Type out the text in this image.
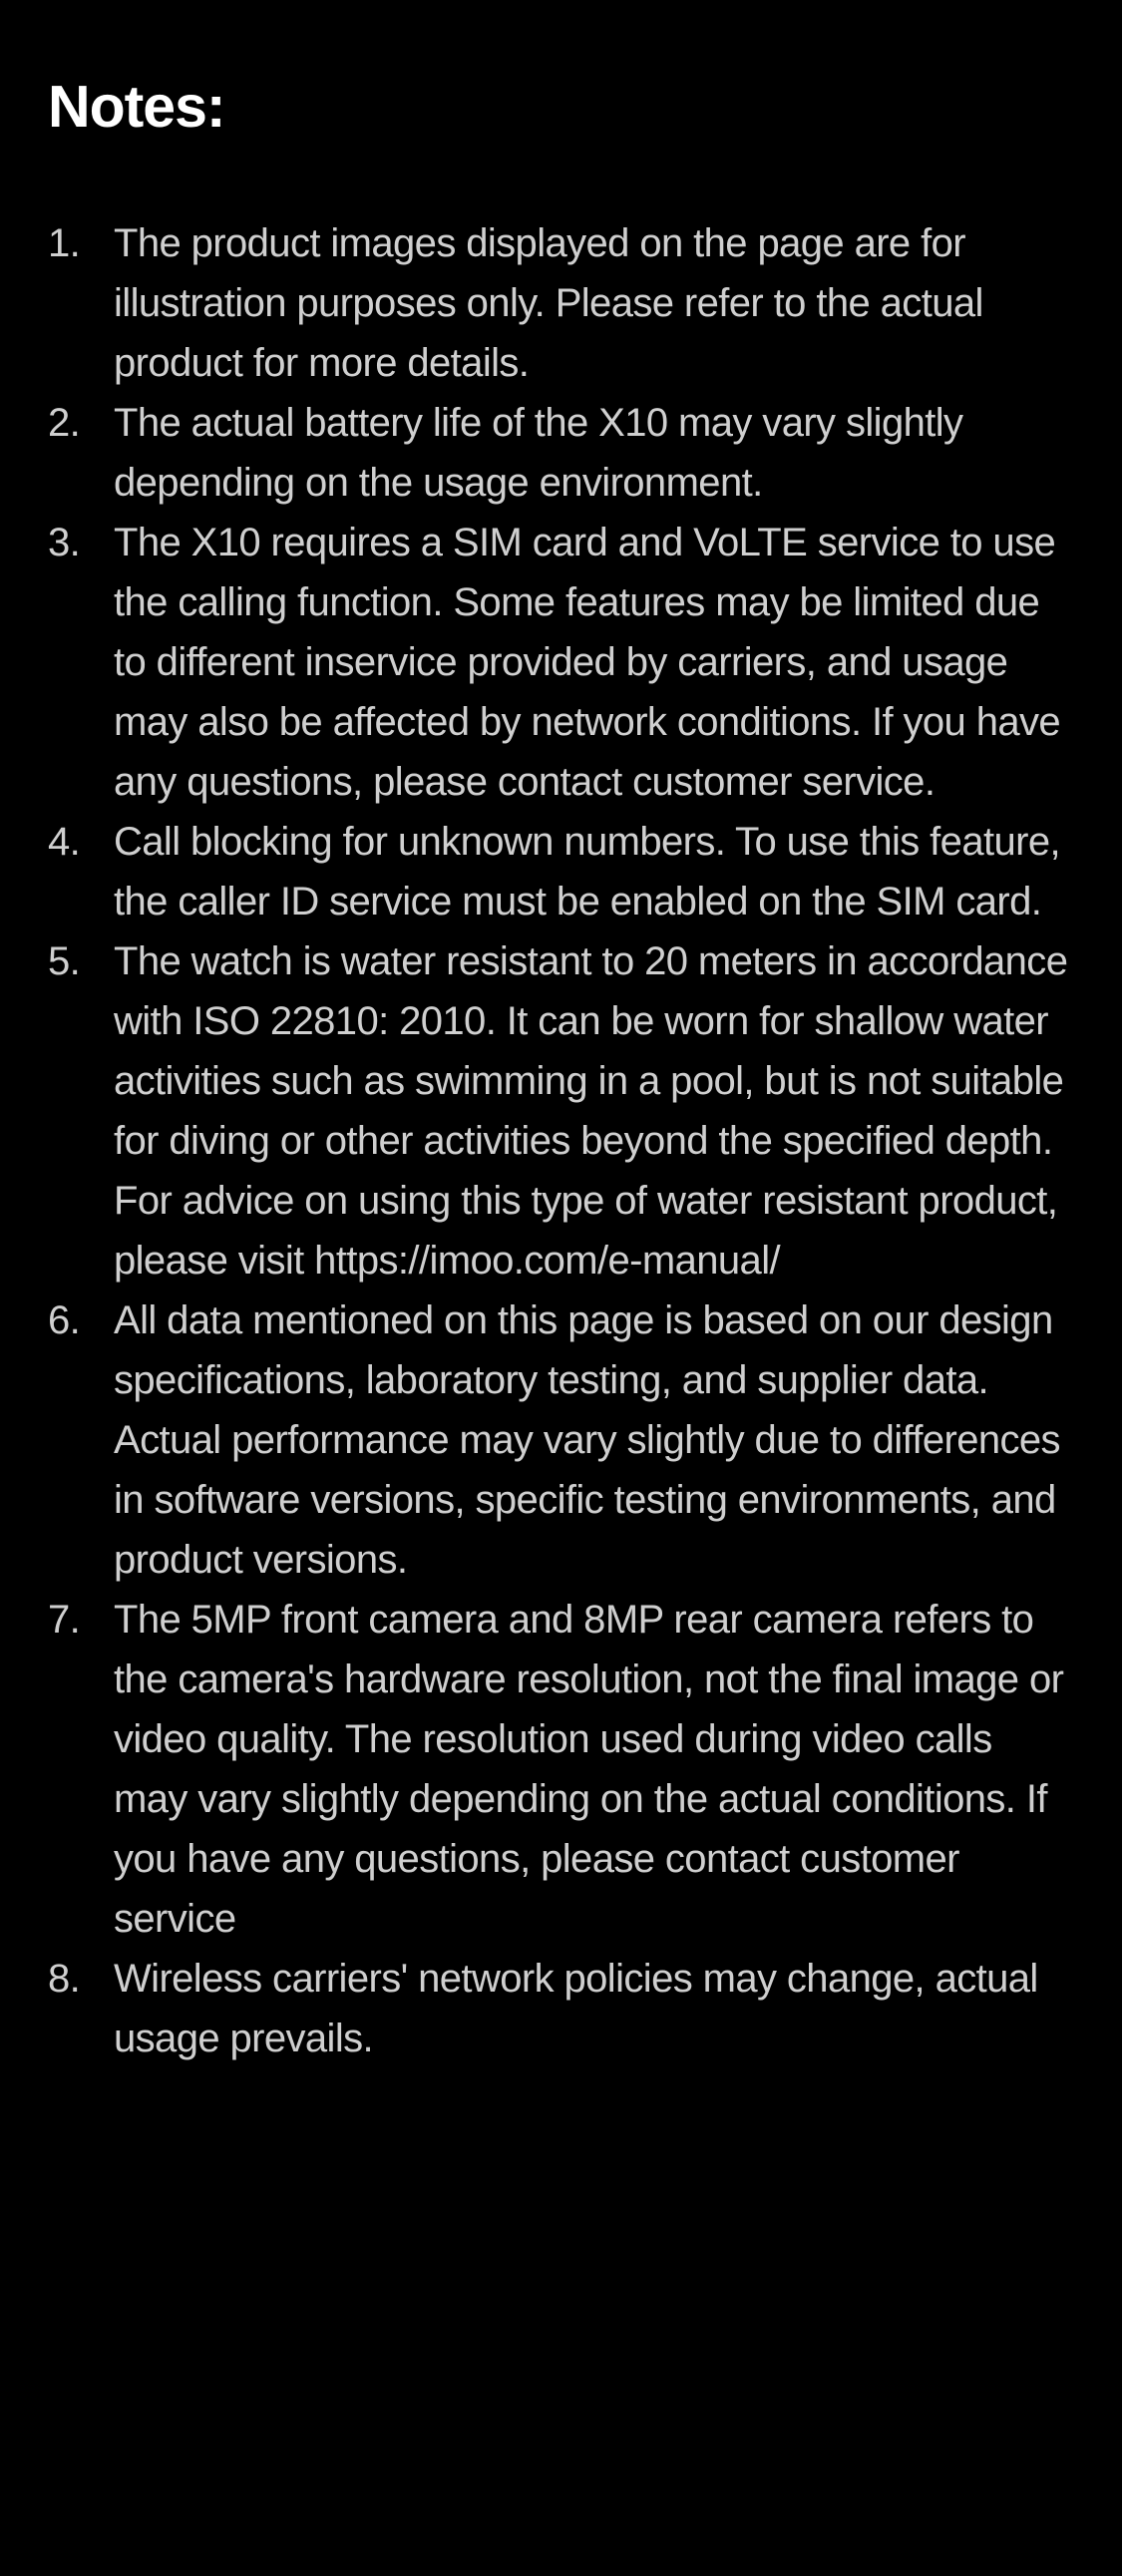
Notes:
1. The product images displayed on the page are for illustration purposes only. Please refer to the actual product for more details.
2. The actual battery life of the X10 may vary slightly depending on the usage environment.
3. The X10 requires a SIM card and VoLTE service to use the calling function. Some features may be limited due to different inservice provided by carriers, and usage may also be affected by network conditions. If you have any questions, please contact customer service.
4. Call blocking for unknown numbers. To use this feature, the caller ID service must be enabled on the SIM card.
5. The watch is water resistant to 20 meters in accordance with ISO 22810: 2010. It can be worn for shallow water activities such as swimming in a pool, but is not suitable for diving or other activities beyond the specified depth. For advice on using this type of water resistant product, please visit https://imoo.com/e-manual/
6. All data mentioned on this page is based on our design specifications, laboratory testing, and supplier data. Actual performance may vary slightly due to differences in software versions, specific testing environments, and product versions.
7. The 5MP front camera and 8MP rear camera refers to the camera's hardware resolution, not the final image or video quality. The resolution used during video calls may vary slightly depending on the actual conditions. If you have any questions, please contact customer service
8. Wireless carriers' network policies may change, actual usage prevails.
